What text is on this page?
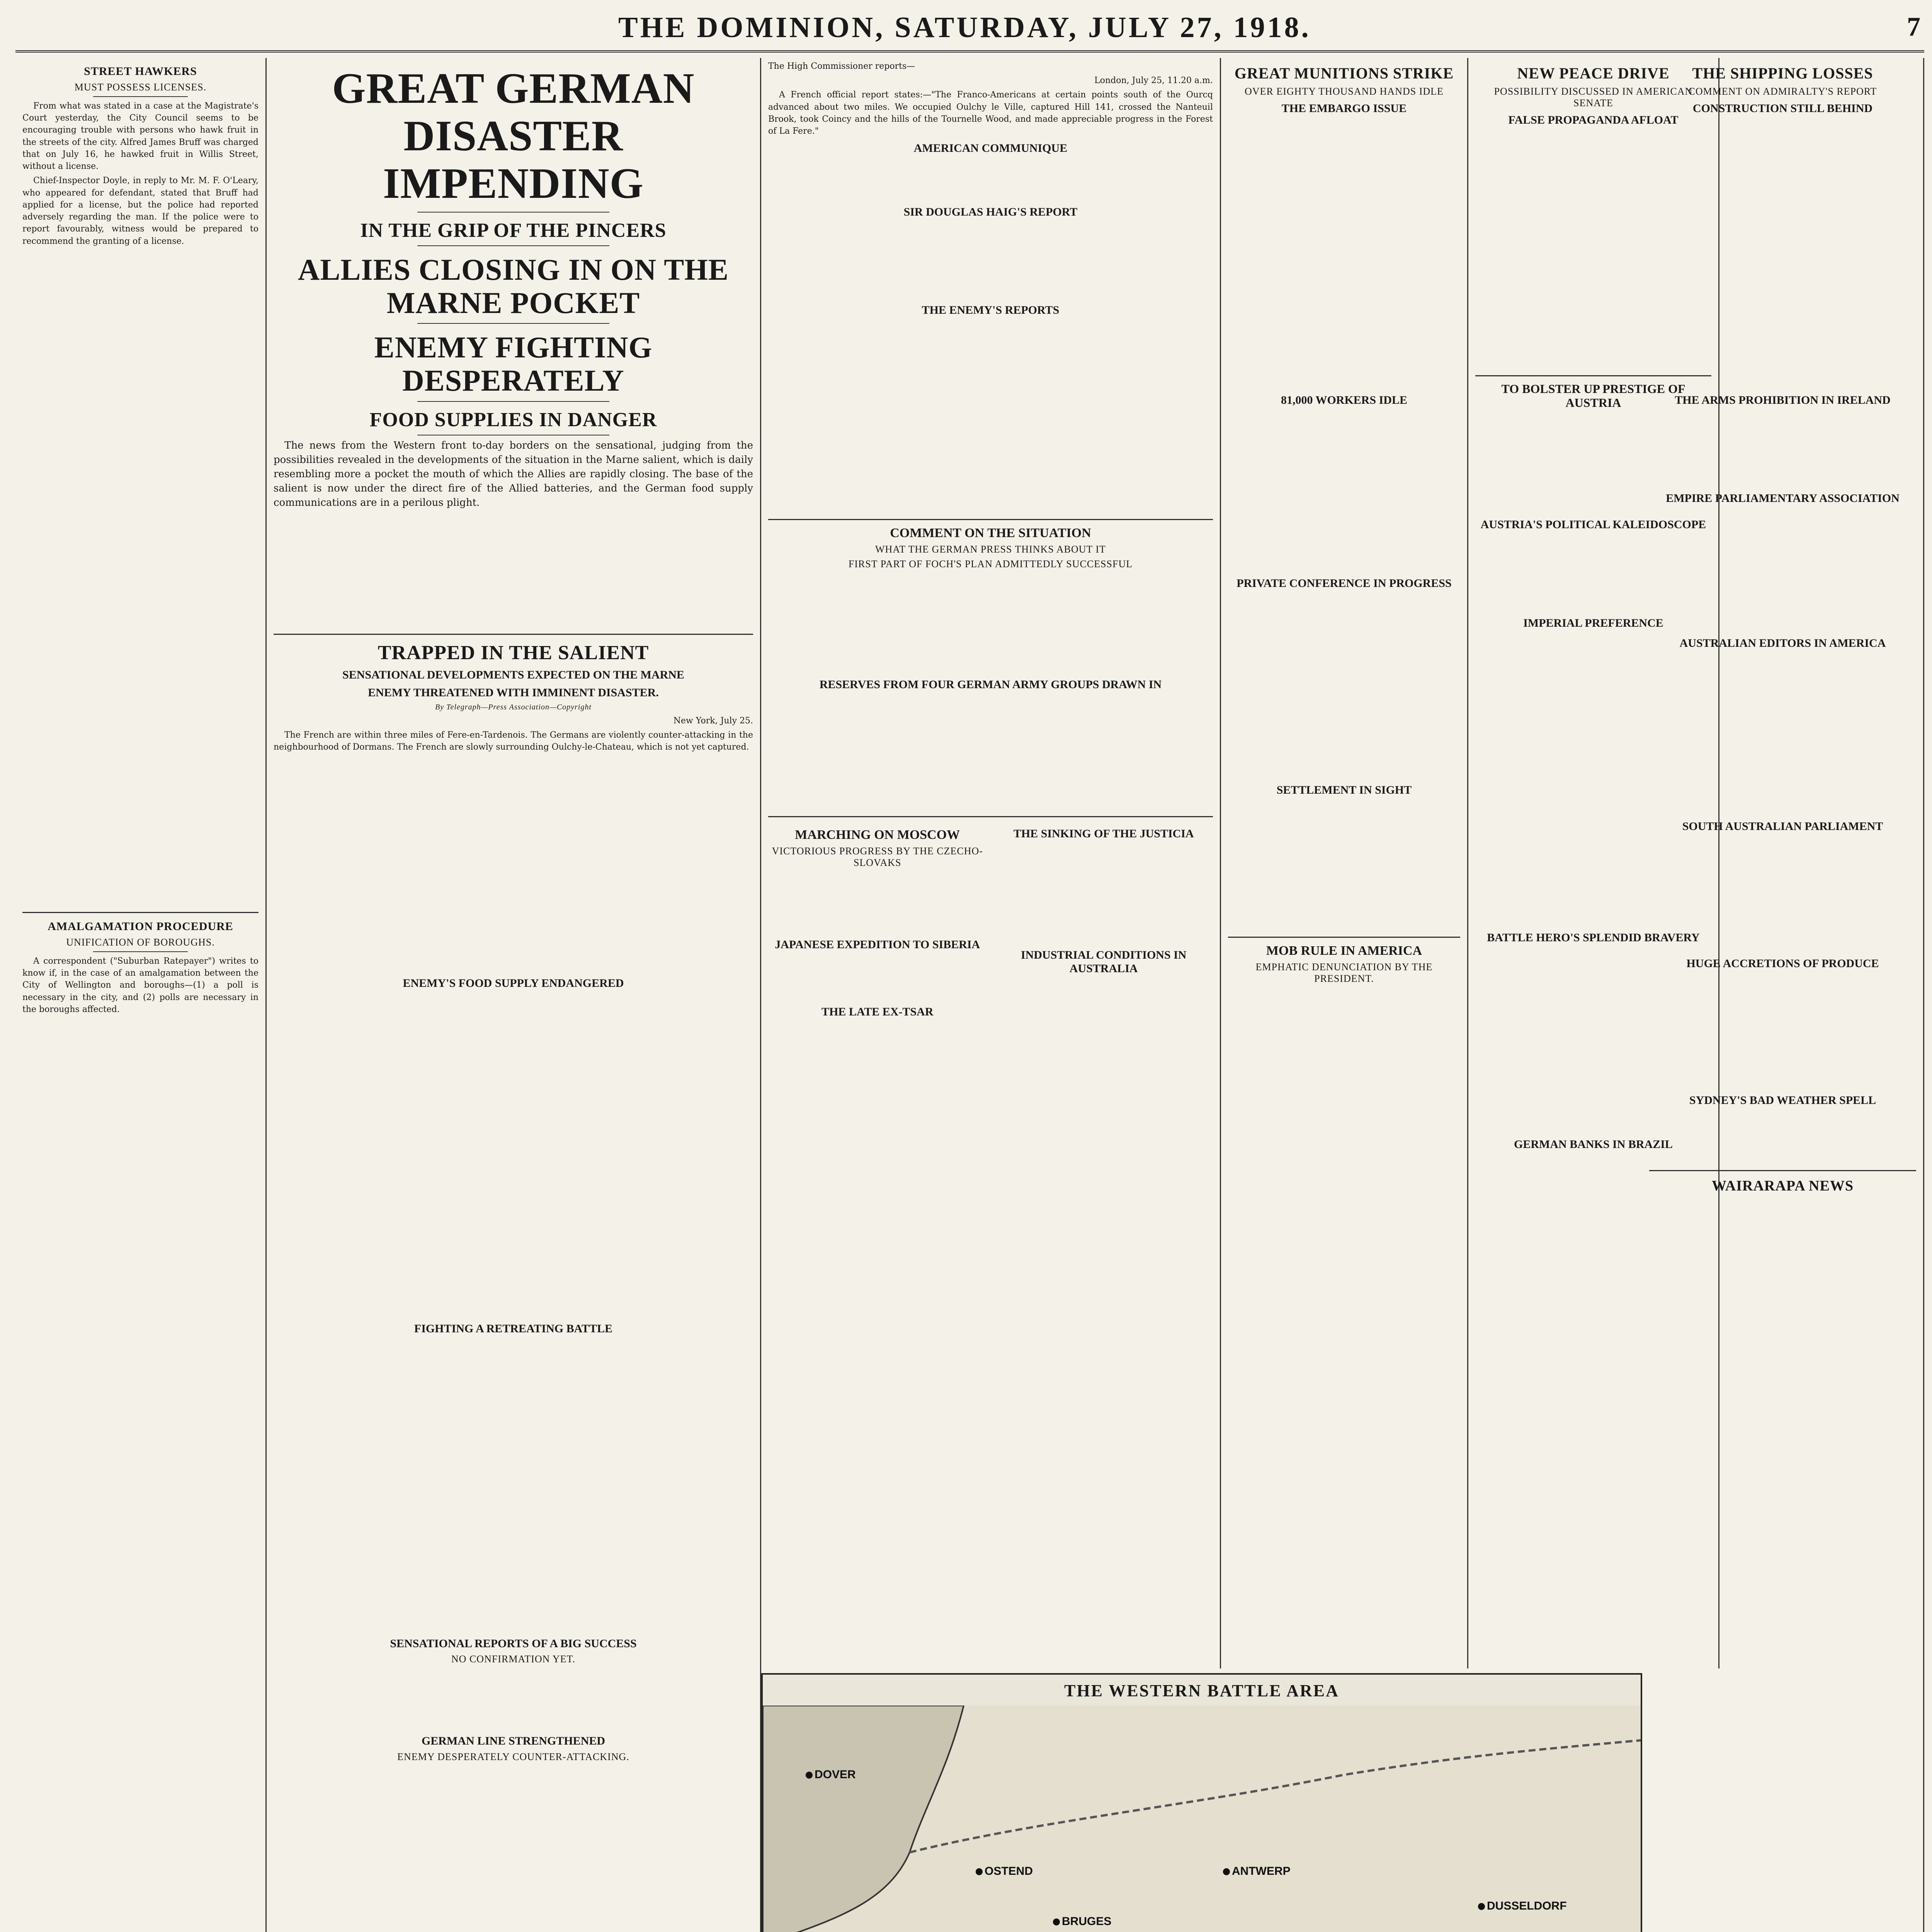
THE DOMINION, SATURDAY, JULY 27, 1918.	7
STREET HAWKERS
MUST POSSESS LICENSES.

From what was stated in a case at the Magistrate's Court yesterday, the City Council seems to be encouraging trouble with persons who hawk fruit in the streets of the city. Alfred James Bruff was charged that on July 16, he hawked fruit in Willis Street, without a license.

Chief-Inspector Doyle, in reply to Mr. M. F. O'Leary, who appeared for defendant, stated that Bruff had applied for a license, but the police had reported adversely regarding the man. If the police were to report favourably, witness would be prepared to recommend the granting of a license.

AMALGAMATION PROCEDURE
UNIFICATION OF BOROUGHS.

A correspondent ("Suburban Ratepayer") writes to know if, in the case of an amalgamation between the City of Wellington and boroughs—(1) a poll is necessary in the city, and (2) polls are necessary in the boroughs affected.

GREAT GERMAN DISASTER IMPENDING
IN THE GRIP OF THE PINCERS
ALLIES CLOSING IN ON THE MARNE POCKET
ENEMY FIGHTING DESPERATELY
FOOD SUPPLIES IN DANGER

The news from the Western front to-day borders on the sensational, judging from the possibilities revealed in the developments of the situation in the Marne salient, which is daily resembling more a pocket the mouth of which the Allies are rapidly closing. The base of the salient is now under the direct fire of the Allied batteries, and the German food supply communications are in a perilous plight.

TRAPPED IN THE SALIENT
SENSATIONAL DEVELOPMENTS EXPECTED ON THE MARNE
ENEMY THREATENED WITH IMMINENT DISASTER.
By Telegraph—Press Association—Copyright

New York, July 25.

The French are within three miles of Fere-en-Tardenois. The Germans are violently counter-attacking in the neighbourhood of Dormans. The French are slowly surrounding Oulchy-le-Chateau, which is not yet captured.

ENEMY'S FOOD SUPPLY ENDANGERED
FIGHTING A RETREATING BATTLE
SENSATIONAL REPORTS OF A BIG SUCCESS
NO CONFIRMATION YET.
GERMAN LINE STRENGTHENED
ENEMY DESPERATELY COUNTER-ATTACKING.

The High Commissioner reports—

London, July 25, 11.20 a.m.

A French official report states:—"The Franco-Americans at certain points south of the Ourcq advanced about two miles. We occupied Oulchy le Ville, captured Hill 141, crossed the Nanteuil Brook, took Coincy and the hills of the Tournelle Wood, and made appreciable progress in the Forest of La Fere."

AMERICAN COMMUNIQUE
SIR DOUGLAS HAIG'S REPORT
THE ENEMY'S REPORTS
COMMENT ON THE SITUATION
WHAT THE GERMAN PRESS THINKS ABOUT IT
FIRST PART OF FOCH'S PLAN ADMITTEDLY SUCCESSFUL
RESERVES FROM FOUR GERMAN ARMY GROUPS DRAWN IN
MARCHING ON MOSCOW
VICTORIOUS PROGRESS BY THE CZECHO-SLOVAKS
JAPANESE EXPEDITION TO SIBERIA
THE LATE EX-TSAR
THE SINKING OF THE JUSTICIA
INDUSTRIAL CONDITIONS IN AUSTRALIA
GREAT MUNITIONS STRIKE
OVER EIGHTY THOUSAND HANDS IDLE
THE EMBARGO ISSUE
81,000 WORKERS IDLE
PRIVATE CONFERENCE IN PROGRESS
SETTLEMENT IN SIGHT
MOB RULE IN AMERICA
EMPHATIC DENUNCIATION BY THE PRESIDENT.
NEW PEACE DRIVE
POSSIBILITY DISCUSSED IN AMERICAN SENATE
FALSE PROPAGANDA AFLOAT
TO BOLSTER UP PRESTIGE OF AUSTRIA
AUSTRIA'S POLITICAL KALEIDOSCOPE
IMPERIAL PREFERENCE
BATTLE HERO'S SPLENDID BRAVERY
GERMAN BANKS IN BRAZIL
THE SHIPPING LOSSES
COMMENT ON ADMIRALTY'S REPORT
CONSTRUCTION STILL BEHIND
THE ARMS PROHIBITION IN IRELAND
EMPIRE PARLIAMENTARY ASSOCIATION
AUSTRALIAN EDITORS IN AMERICA
SOUTH AUSTRALIAN PARLIAMENT
HUGE ACCRETIONS OF PRODUCE
SYDNEY'S BAD WEATHER SPELL
WAIRARAPA NEWS
THE WESTERN BATTLE AREA
DOVER
OSTEND
BRUGES
ANTWERP
DUSSELDORF
